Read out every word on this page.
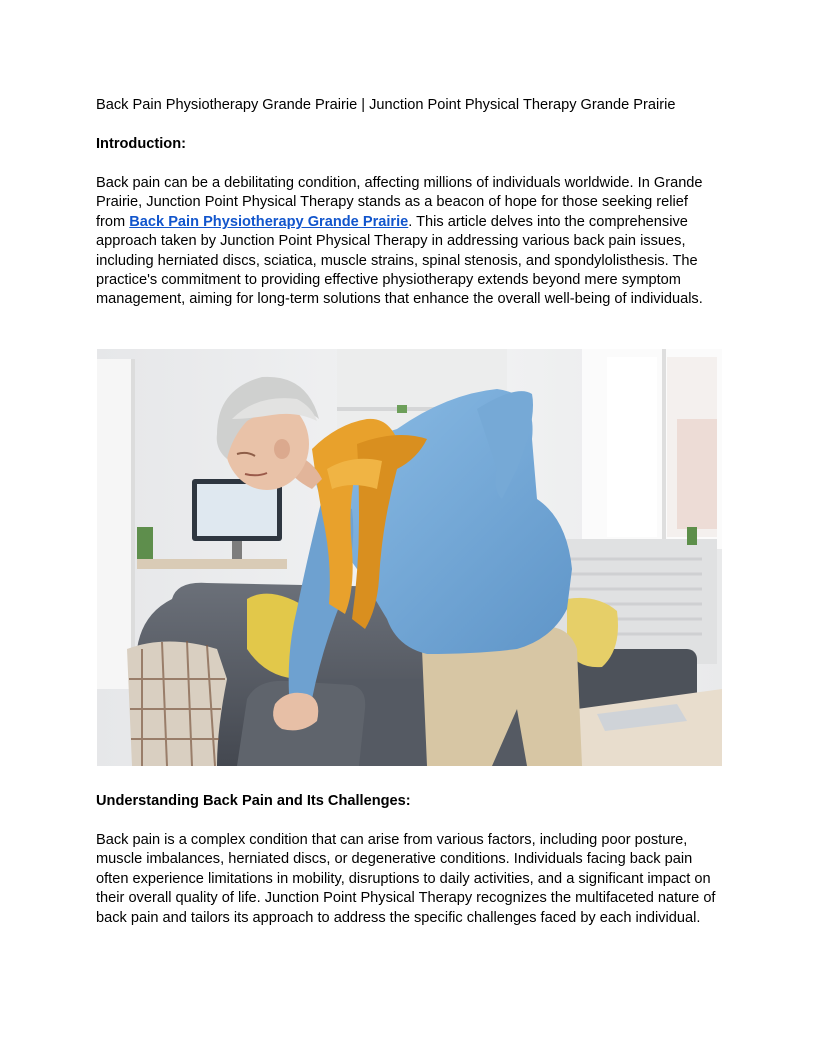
Back Pain Physiotherapy Grande Prairie | Junction Point Physical Therapy Grande Prairie
Introduction:
Back pain can be a debilitating condition, affecting millions of individuals worldwide. In Grande
Prairie, Junction Point Physical Therapy stands as a beacon of hope for those seeking relief
from Back Pain Physiotherapy Grande Prairie. This article delves into the comprehensive
approach taken by Junction Point Physical Therapy in addressing various back pain issues,
including herniated discs, sciatica, muscle strains, spinal stenosis, and spondylolisthesis. The
practice's commitment to providing effective physiotherapy extends beyond mere symptom
management, aiming for long-term solutions that enhance the overall well-being of individuals.
Understanding Back Pain and Its Challenges:
Back pain is a complex condition that can arise from various factors, including poor posture,
muscle imbalances, herniated discs, or degenerative conditions. Individuals facing back pain
often experience limitations in mobility, disruptions to daily activities, and a significant impact on
their overall quality of life. Junction Point Physical Therapy recognizes the multifaceted nature of
back pain and tailors its approach to address the specific challenges faced by each individual.
